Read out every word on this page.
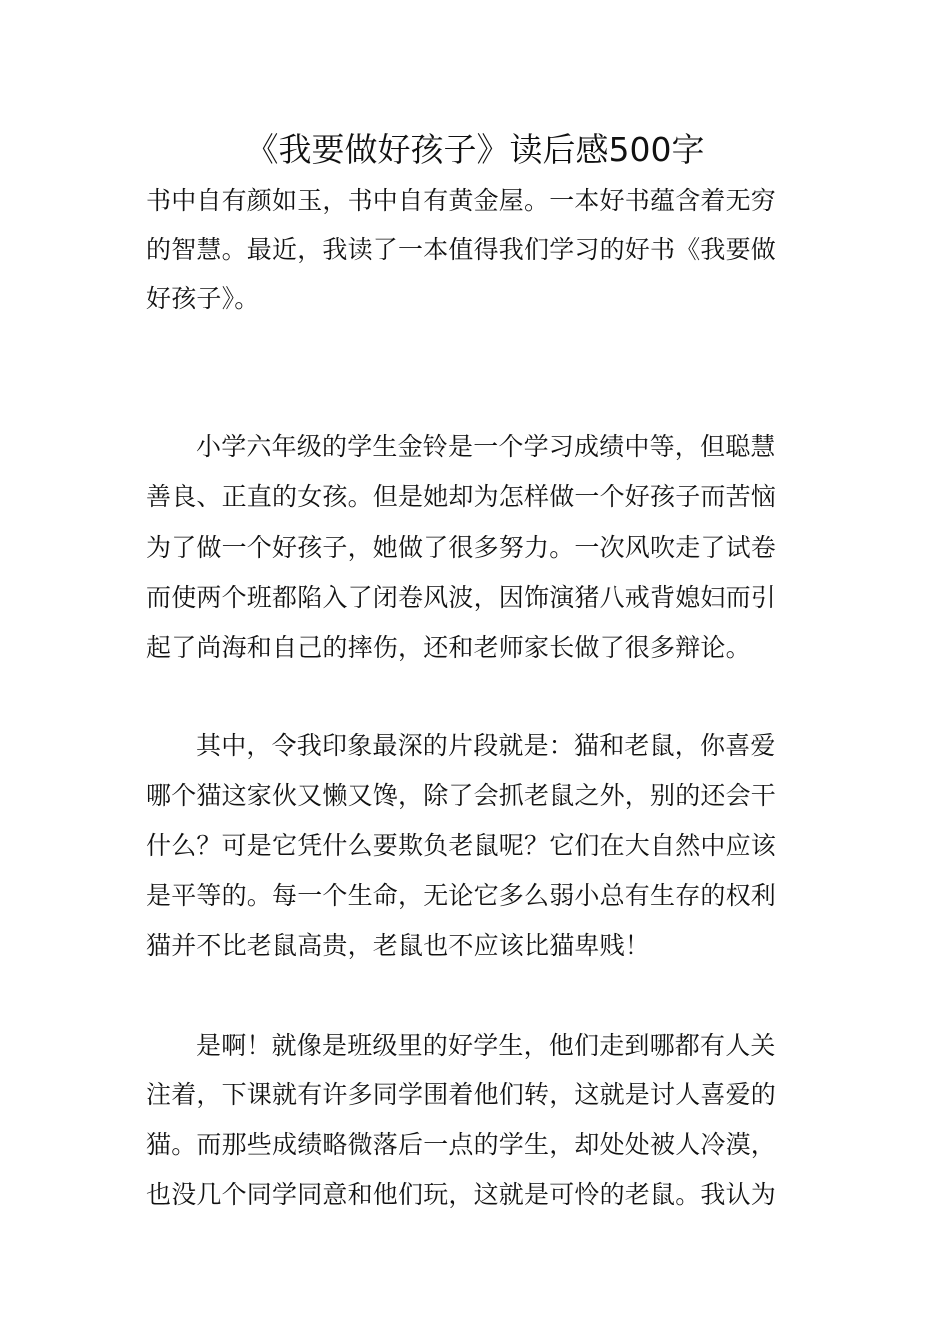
《我要做好孩子》读后感500字
书中自有颜如玉，书中自有黄金屋。一本好书蕴含着无穷
的智慧。最近，我读了一本值得我们学习的好书《我要做
好孩子》。
小学六年级的学生金铃是一个学习成绩中等，但聪慧
善良、正直的女孩。但是她却为怎样做一个好孩子而苦恼
为了做一个好孩子，她做了很多努力。一次风吹走了试卷
而使两个班都陷入了闭卷风波，因饰演猪八戒背媳妇而引
起了尚海和自己的摔伤，还和老师家长做了很多辩论。
其中，令我印象最深的片段就是：猫和老鼠，你喜爱
哪个猫这家伙又懒又馋，除了会抓老鼠之外，别的还会干
什么？可是它凭什么要欺负老鼠呢？它们在大自然中应该
是平等的。每一个生命，无论它多么弱小总有生存的权利
猫并不比老鼠高贵，老鼠也不应该比猫卑贱！
是啊！就像是班级里的好学生，他们走到哪都有人关
注着，下课就有许多同学围着他们转，这就是讨人喜爱的
猫。而那些成绩略微落后一点的学生，却处处被人冷漠，
也没几个同学同意和他们玩，这就是可怜的老鼠。我认为
